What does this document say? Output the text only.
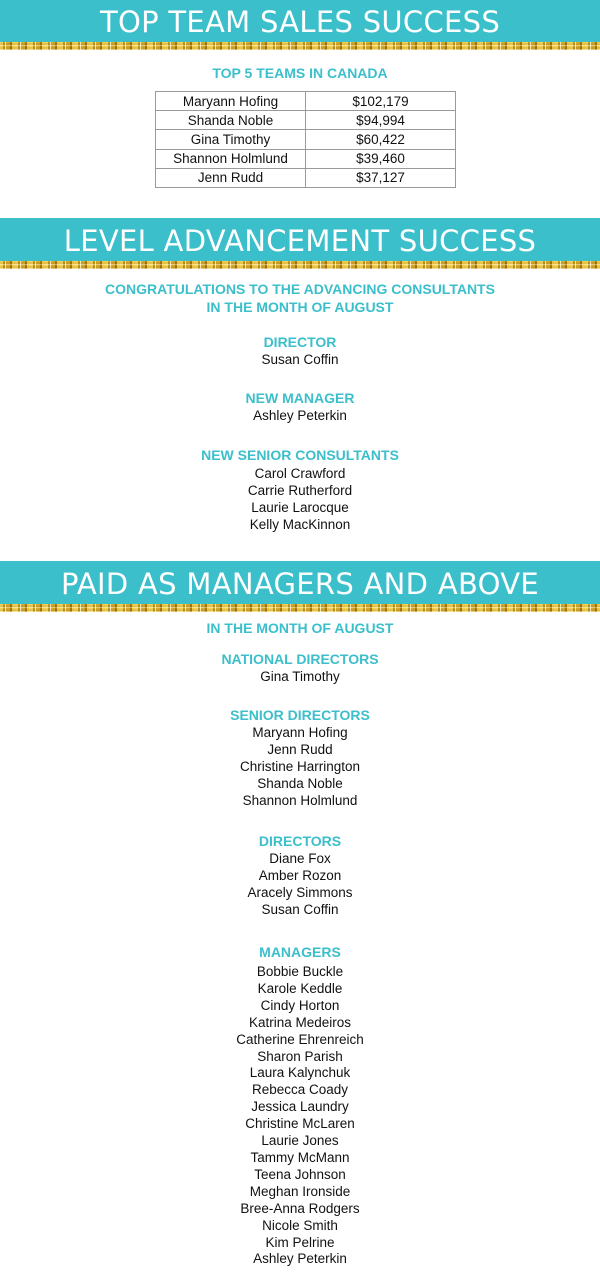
TOP TEAM SALES SUCCESS
TOP 5 TEAMS IN CANADA
Maryann Hofing	$102,179
Shanda Noble	$94,994
Gina Timothy	$60,422
Shannon Holmlund	$39,460
Jenn Rudd	$37,127
LEVEL ADVANCEMENT SUCCESS
CONGRATULATIONS TO THE ADVANCING CONSULTANTS
IN THE MONTH OF AUGUST
DIRECTOR
Susan Coffin
NEW MANAGER
Ashley Peterkin
NEW SENIOR CONSULTANTS
Carol Crawford
Carrie Rutherford
Laurie Larocque
Kelly MacKinnon
PAID AS MANAGERS AND ABOVE
IN THE MONTH OF AUGUST
NATIONAL DIRECTORS
Gina Timothy
SENIOR DIRECTORS
Maryann Hofing
Jenn Rudd
Christine Harrington
Shanda Noble
Shannon Holmlund
DIRECTORS
Diane Fox
Amber Rozon
Aracely Simmons
Susan Coffin
MANAGERS
Bobbie Buckle
Karole Keddle
Cindy Horton
Katrina Medeiros
Catherine Ehrenreich
Sharon Parish
Laura Kalynchuk
Rebecca Coady
Jessica Laundry
Christine McLaren
Laurie Jones
Tammy McMann
Teena Johnson
Meghan Ironside
Bree-Anna Rodgers
Nicole Smith
Kim Pelrine
Ashley Peterkin
